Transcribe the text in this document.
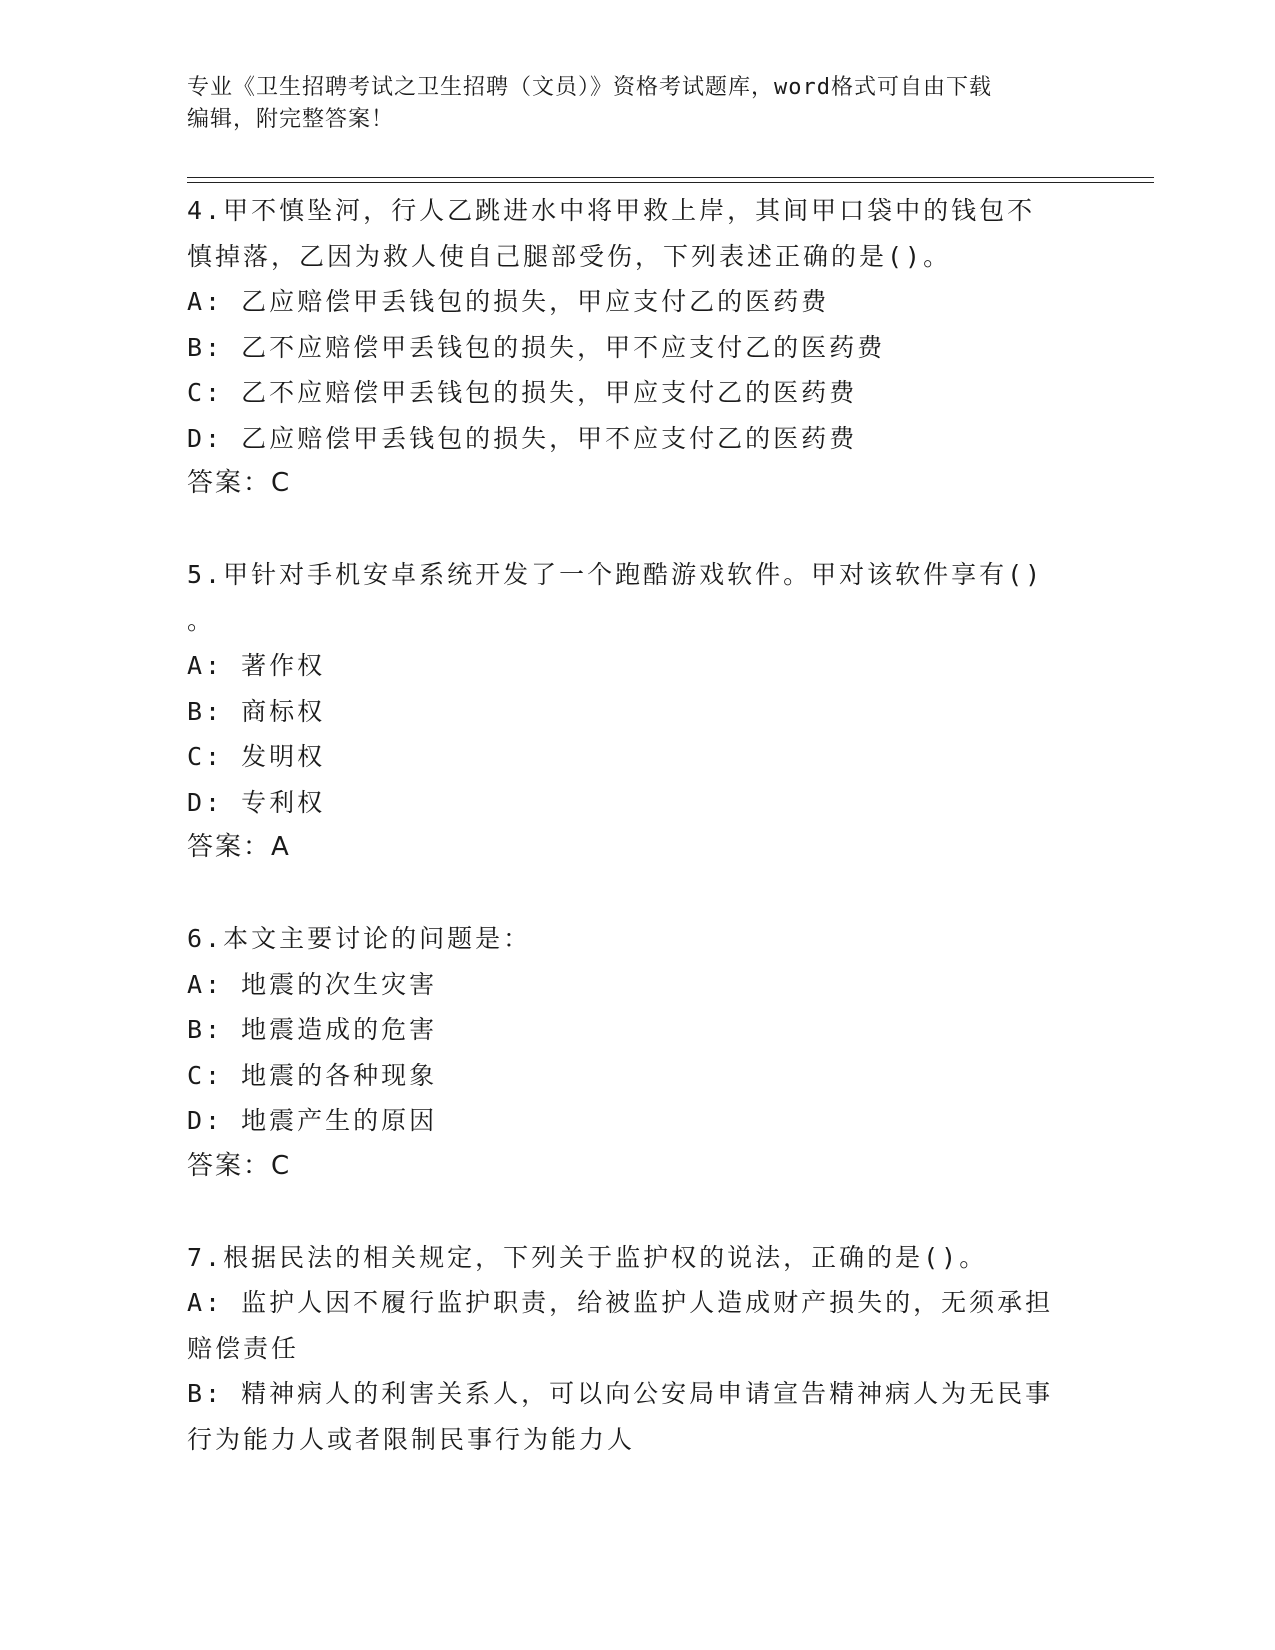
专业《卫生招聘考试之卫生招聘（文员）》资格考试题库，word格式可自由下载
编辑，附完整答案！
4.甲不慎坠河，行人乙跳进水中将甲救上岸，其间甲口袋中的钱包不
慎掉落，乙因为救人使自己腿部受伤，下列表述正确的是()。
A: 乙应赔偿甲丢钱包的损失，甲应支付乙的医药费
B: 乙不应赔偿甲丢钱包的损失，甲不应支付乙的医药费
C: 乙不应赔偿甲丢钱包的损失，甲应支付乙的医药费
D: 乙应赔偿甲丢钱包的损失，甲不应支付乙的医药费
答案：C
5.甲针对手机安卓系统开发了一个跑酷游戏软件。甲对该软件享有()
。
A: 著作权
B: 商标权
C: 发明权
D: 专利权
答案：A
6.本文主要讨论的问题是：
A: 地震的次生灾害
B: 地震造成的危害
C: 地震的各种现象
D: 地震产生的原因
答案：C
7.根据民法的相关规定，下列关于监护权的说法，正确的是()。
A: 监护人因不履行监护职责，给被监护人造成财产损失的，无须承担
赔偿责任
B: 精神病人的利害关系人，可以向公安局申请宣告精神病人为无民事
行为能力人或者限制民事行为能力人
